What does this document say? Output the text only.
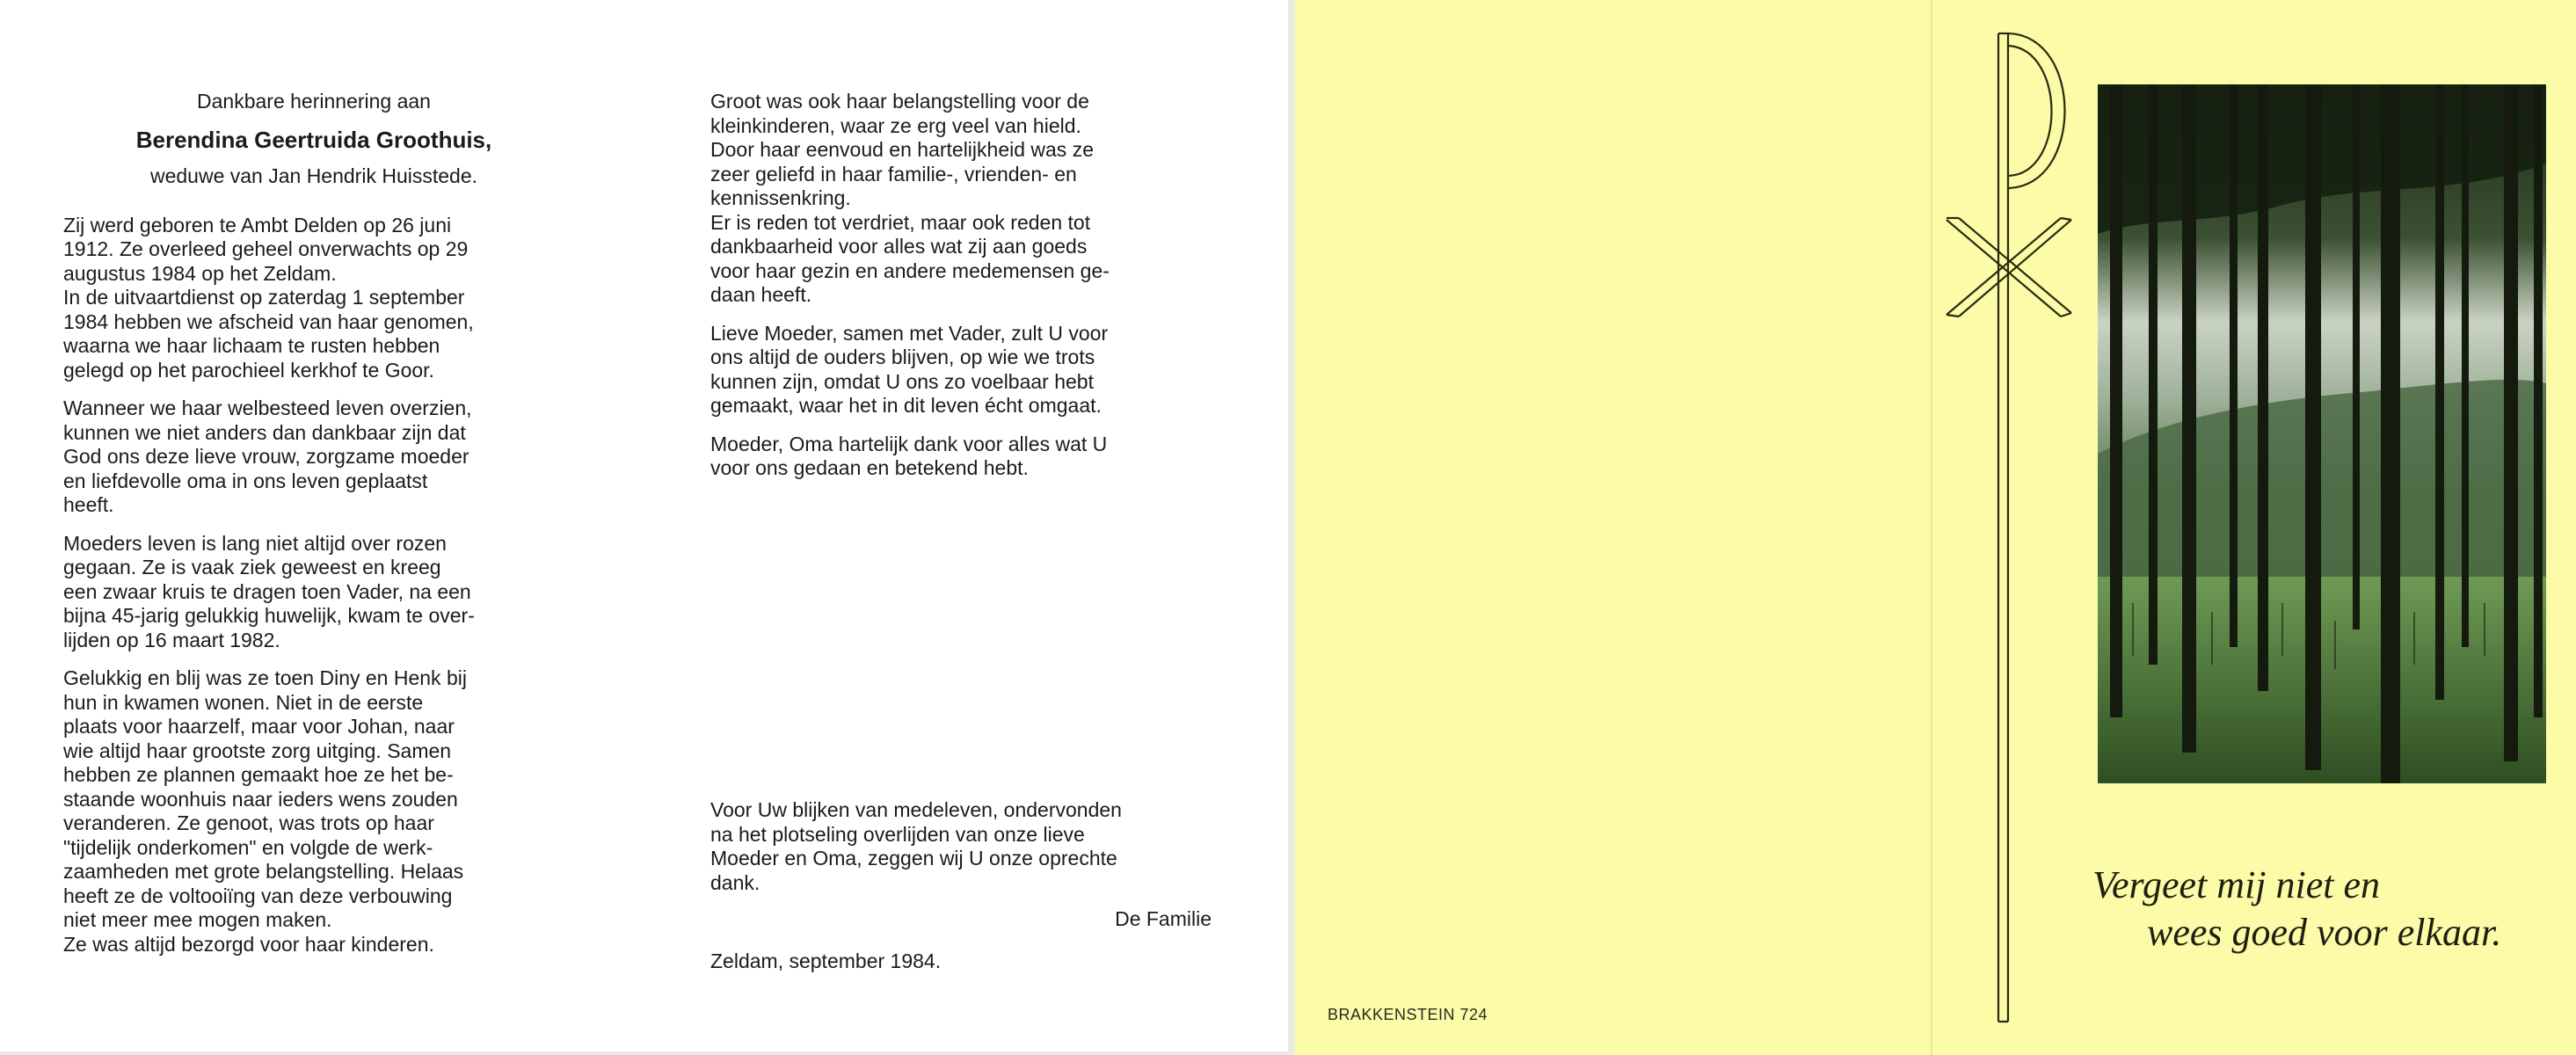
Dankbare herinnering aan
Berendina Geertruida Groothuis,
weduwe van Jan Hendrik Huisstede.

Zij werd geboren te Ambt Delden op 26 juni
1912. Ze overleed geheel onverwachts op 29
augustus 1984 op het Zeldam.
In de uitvaartdienst op zaterdag 1 september
1984 hebben we afscheid van haar genomen,
waarna we haar lichaam te rusten hebben
gelegd op het parochieel kerkhof te Goor.

Wanneer we haar welbesteed leven overzien,
kunnen we niet anders dan dankbaar zijn dat
God ons deze lieve vrouw, zorgzame moeder
en liefdevolle oma in ons leven geplaatst
heeft.

Moeders leven is lang niet altijd over rozen
gegaan. Ze is vaak ziek geweest en kreeg
een zwaar kruis te dragen toen Vader, na een
bijna 45-jarig gelukkig huwelijk, kwam te over-
lijden op 16 maart 1982.

Gelukkig en blij was ze toen Diny en Henk bij
hun in kwamen wonen. Niet in de eerste
plaats voor haarzelf, maar voor Johan, naar
wie altijd haar grootste zorg uitging. Samen
hebben ze plannen gemaakt hoe ze het be-
staande woonhuis naar ieders wens zouden
veranderen. Ze genoot, was trots op haar
"tijdelijk onderkomen" en volgde de werk-
zaamheden met grote belangstelling. Helaas
heeft ze de voltooiïng van deze verbouwing
niet meer mee mogen maken.
Ze was altijd bezorgd voor haar kinderen.

Groot was ook haar belangstelling voor de
kleinkinderen, waar ze erg veel van hield.
Door haar eenvoud en hartelijkheid was ze
zeer geliefd in haar familie-, vrienden- en
kennissenkring.
Er is reden tot verdriet, maar ook reden tot
dankbaarheid voor alles wat zij aan goeds
voor haar gezin en andere medemensen ge-
daan heeft.

Lieve Moeder, samen met Vader, zult U voor
ons altijd de ouders blijven, op wie we trots
kunnen zijn, omdat U ons zo voelbaar hebt
gemaakt, waar het in dit leven écht omgaat.

Moeder, Oma hartelijk dank voor alles wat U
voor ons gedaan en betekend hebt.

Voor Uw blijken van medeleven, ondervonden
na het plotseling overlijden van onze lieve
Moeder en Oma, zeggen wij U onze oprechte
dank.
De Familie
Zeldam, september 1984.
Vergeet mij niet en
wees goed voor elkaar.
BRAKKENSTEIN 724
